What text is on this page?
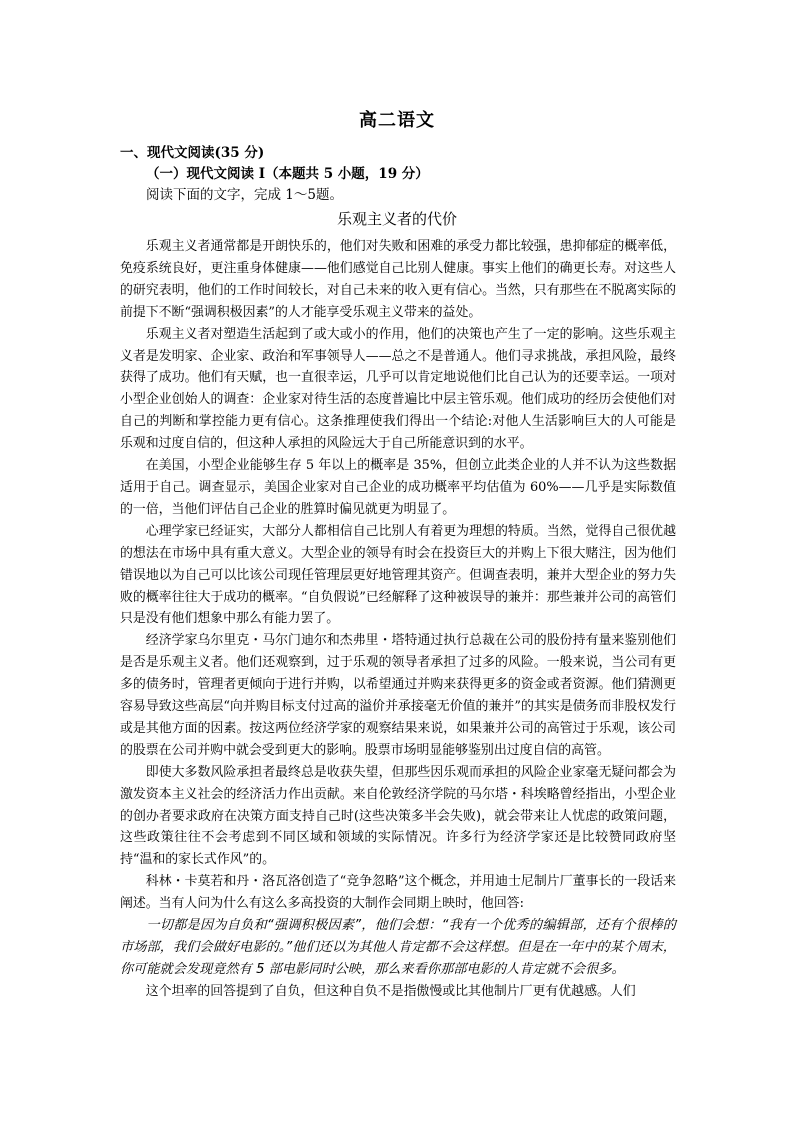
高二语文
一、现代文阅读(35 分)
（一）现代文阅读 I（本题共 5 小题，19 分）
阅读下面的文字，完成 1～5题。
乐观主义者的代价

乐观主义者通常都是开朗快乐的，他们对失败和困难的承受力都比较强，患抑郁症的概率低，免疫系统良好，更注重身体健康——他们感觉自己比别人健康。事实上他们的确更长寿。对这些人的研究表明，他们的工作时间较长，对自己未来的收入更有信心。当然，只有那些在不脱离实际的前提下不断“强调积极因素”的人才能享受乐观主义带来的益处。

乐观主义者对塑造生活起到了或大或小的作用，他们的决策也产生了一定的影响。这些乐观主义者是发明家、企业家、政治和军事领导人——总之不是普通人。他们寻求挑战，承担风险，最终获得了成功。他们有天赋，也一直很幸运，几乎可以肯定地说他们比自己认为的还要幸运。一项对小型企业创始人的调查：企业家对待生活的态度普遍比中层主管乐观。他们成功的经历会使他们对自己的判断和掌控能力更有信心。这条推理使我们得出一个结论:对他人生活影响巨大的人可能是乐观和过度自信的，但这种人承担的风险远大于自己所能意识到的水平。

在美国，小型企业能够生存 5 年以上的概率是 35%，但创立此类企业的人并不认为这些数据适用于自己。调查显示，美国企业家对自己企业的成功概率平均估值为 60%——几乎是实际数值的一倍，当他们评估自己企业的胜算时偏见就更为明显了。

心理学家已经证实，大部分人都相信自己比别人有着更为理想的特质。当然，觉得自己很优越的想法在市场中具有重大意义。大型企业的领导有时会在投资巨大的并购上下很大赌注，因为他们错误地以为自己可以比该公司现任管理层更好地管理其资产。但调查表明，兼并大型企业的努力失败的概率往往大于成功的概率。“自负假说”已经解释了这种被误导的兼并：那些兼并公司的高管们只是没有他们想象中那么有能力罢了。

经济学家乌尔里克・马尔门迪尔和杰弗里・塔特通过执行总裁在公司的股份持有量来鉴别他们是否是乐观主义者。他们还观察到，过于乐观的领导者承担了过多的风险。一般来说，当公司有更多的债务时，管理者更倾向于进行并购，以希望通过并购来获得更多的资金或者资源。他们猜测更容易导致这些高层“向并购目标支付过高的溢价并承接毫无价值的兼并”的其实是债务而非股权发行或是其他方面的因素。按这两位经济学家的观察结果来说，如果兼并公司的高管过于乐观，该公司的股票在公司并购中就会受到更大的影响。股票市场明显能够鉴别出过度自信的高管。

即使大多数风险承担者最终总是收获失望，但那些因乐观而承担的风险企业家毫无疑问都会为激发资本主义社会的经济活力作出贡献。来自伦敦经济学院的马尔塔・科埃略曾经指出，小型企业的创办者要求政府在决策方面支持自己时(这些决策多半会失败)，就会带来让人忧虑的政策问题，这些政策往往不会考虑到不同区域和领域的实际情况。许多行为经济学家还是比较赞同政府坚持“温和的家长式作风”的。

科林・卡莫若和丹・洛瓦洛创造了“竞争忽略”这个概念，并用迪士尼制片厂董事长的一段话来阐述。当有人问为什么有这么多高投资的大制作会同期上映时，他回答:

一切都是因为自负和“强调积极因素”，他们会想：“我有一个优秀的编辑部，还有个很棒的市场部，我们会做好电影的。”他们还以为其他人肯定都不会这样想。但是在一年中的某个周末，你可能就会发现竟然有 5 部电影同时公映，那么来看你那部电影的人肯定就不会很多。

这个坦率的回答提到了自负，但这种自负不是指傲慢或比其他制片厂更有优越感。人们
